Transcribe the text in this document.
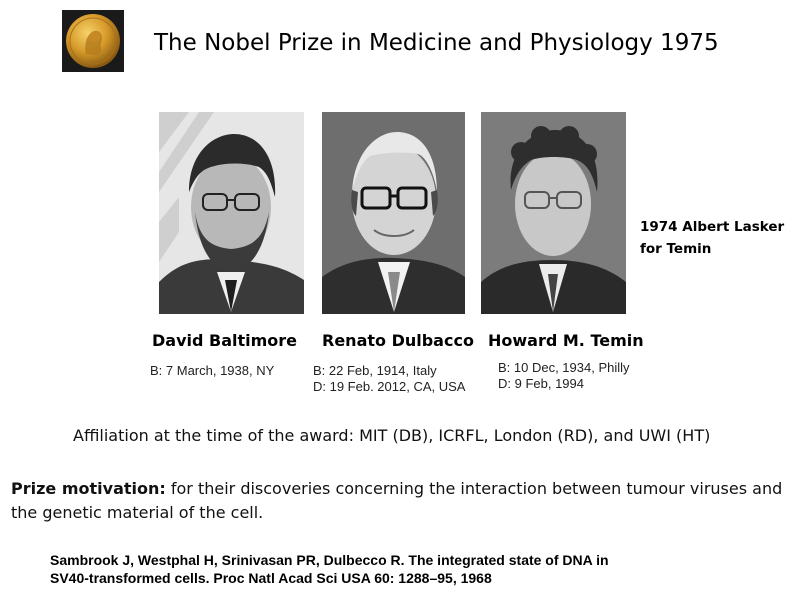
The Nobel Prize in Medicine and Physiology 1975
1974 Albert Lasker
for Temin
David Baltimore Renato Dulbacco Howard M. Temin
B: 7 March, 1938, NY	B: 22 Feb, 1914, Italy
D: 19 Feb. 2012, CA, USA
B: 10 Dec, 1934, Philly
D: 9 Feb, 1994
Affiliation at the time of the award: MIT (DB), ICRFL, London (RD), and UWI (HT)
Prize motivation: for their discoveries concerning the interaction between tumour viruses and the genetic material of the cell.
Sambrook J, Westphal H, Srinivasan PR, Dulbecco R. The integrated state of DNA in
SV40-transformed cells. Proc Natl Acad Sci USA 60: 1288–95, 1968
